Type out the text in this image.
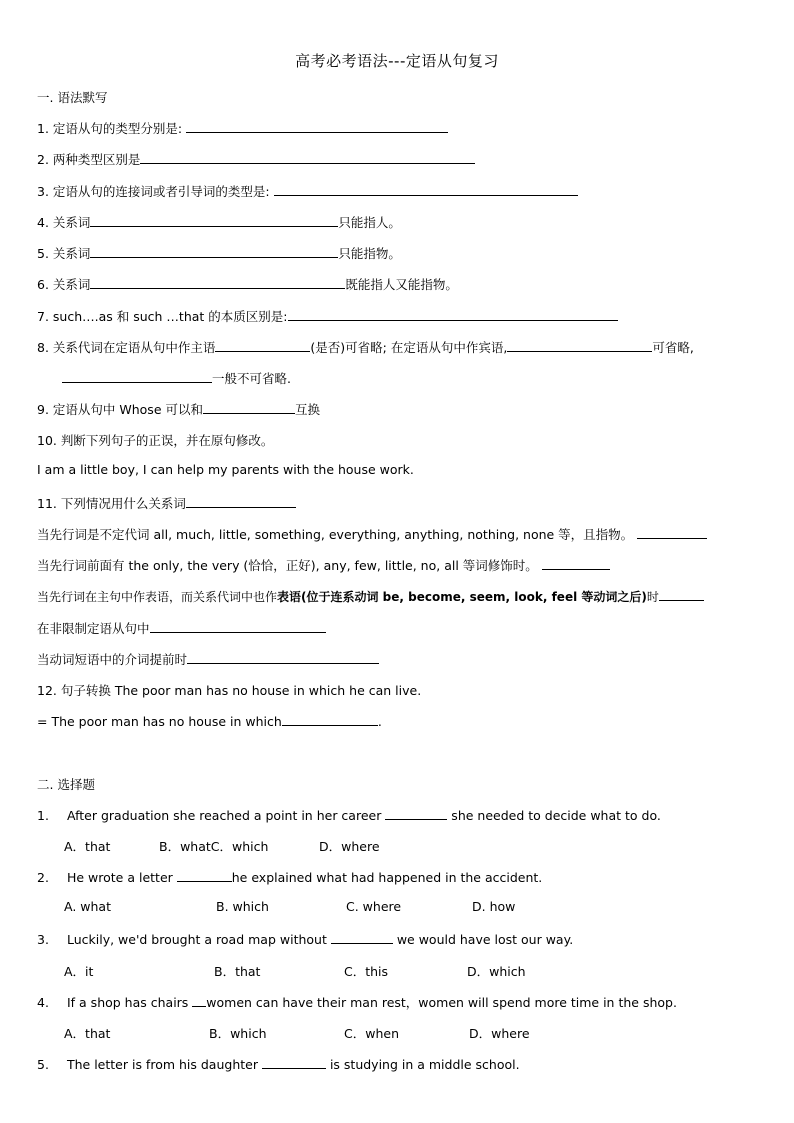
高考必考语法---定语从句复习
一. 语法默写
1. 定语从句的类型分别是:
2. 两种类型区别是
3. 定语从句的连接词或者引导词的类型是:
4. 关系词	只能指人。
5. 关系词	只能指物。
6. 关系词	既能指人又能指物。
7. such….as 和 such …that 的本质区别是:
8. 关系代词在定语从句中作主语	(是否)可省略; 在定语从句中作宾语,	可省略,
一般不可省略.
9. 定语从句中 Whose 可以和	互换
10. 判断下列句子的正误，并在原句修改。
I am a little boy, I can help my parents with the house work.
11. 下列情况用什么关系词
当先行词是不定代词 all, much, little, something, everything, anything, nothing, none 等，且指物。
当先行词前面有 the only, the very (恰恰，正好), any, few, little, no, all 等词修饰时。
当先行词在主句中作表语，而关系代词中也作表语(位于连系动词 be, become, seem, look, feel 等动词之后)时
在非限制定语从句中
当动词短语中的介词提前时
12. 句子转换 The poor man has no house in which he can live.
= The poor man has no house in which	.
二. 选择题
1. After graduation she reached a point in her career	she needed to decide what to do.
A．that	B．whatC．which	D．where
2. He wrote a letter	he explained what had happened in the accident.
A. what	B. which	C. where	D. how
3. Luckily, we'd brought a road map without	we would have lost our way.
A．it	B．that	C．this	D．which
4. If a shop has chairs women can have their man rest，women will spend more time in the shop.
A．that	B．which	C．when	D．where
5. The letter is from his daughter	is studying in a middle school.
